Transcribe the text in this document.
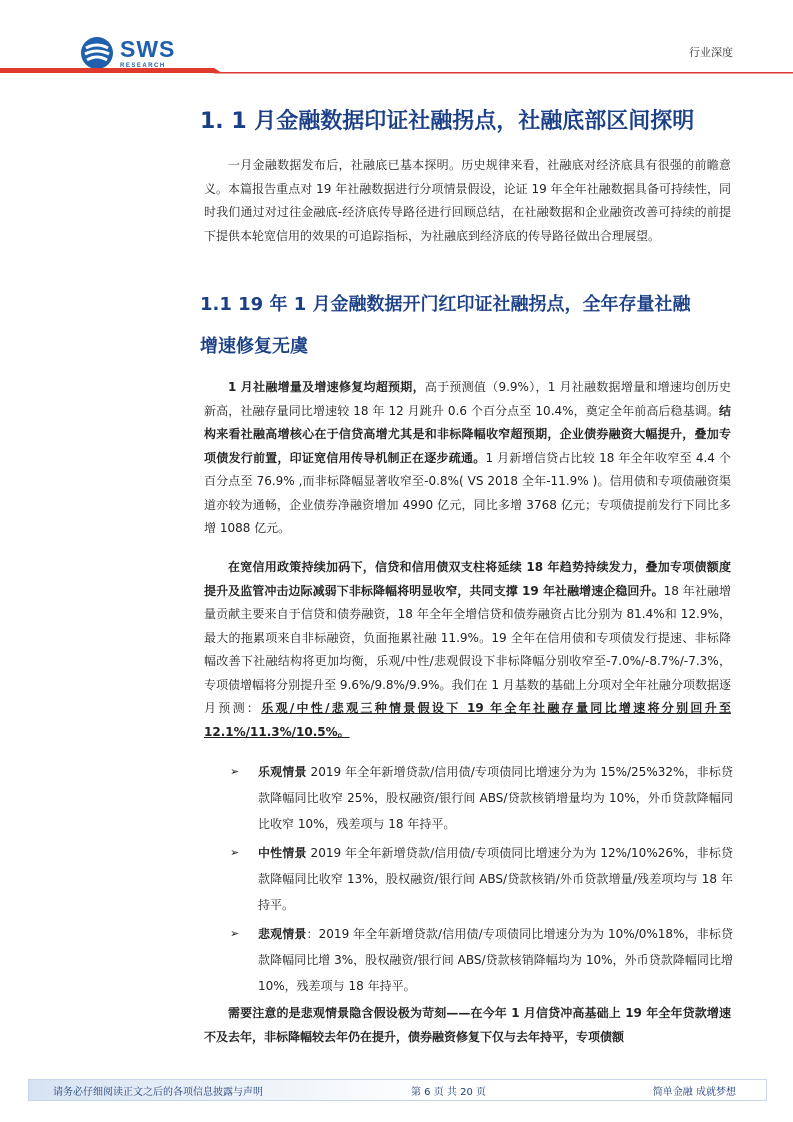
SWS
RESEARCH
行业深度
1. 1 月金融数据印证社融拐点，社融底部区间探明

一月金融数据发布后，社融底已基本探明。历史规律来看，社融底对经济底具有很强的前瞻意义。本篇报告重点对 19 年社融数据进行分项情景假设，论证 19 年全年社融数据具备可持续性，同时我们通过对过往金融底-经济底传导路径进行回顾总结，在社融数据和企业融资改善可持续的前提下提供本轮宽信用的效果的可追踪指标，为社融底到经济底的传导路径做出合理展望。

1.1 19 年 1 月金融数据开门红印证社融拐点，全年存量社融
增速修复无虞

1 月社融增量及增速修复均超预期，高于预测值（9.9%），1 月社融数据增量和增速均创历史新高，社融存量同比增速较 18 年 12 月跳升 0.6 个百分点至 10.4%，奠定全年前高后稳基调。结构来看社融高增核心在于信贷高增尤其是和非标降幅收窄超预期，企业债券融资大幅提升，叠加专项债发行前置，印证宽信用传导机制正在逐步疏通。1 月新增信贷占比较 18 年全年收窄至 4.4 个百分点至 76.9% ,而非标降幅显著收窄至-0.8%( VS 2018 全年-11.9% )。信用债和专项债融资渠道亦较为通畅，企业债券净融资增加 4990 亿元，同比多增 3768 亿元；专项债提前发行下同比多增 1088 亿元。

在宽信用政策持续加码下，信贷和信用债双支柱将延续 18 年趋势持续发力，叠加专项债额度提升及监管冲击边际减弱下非标降幅将明显收窄，共同支撑 19 年社融增速企稳回升。18 年社融增量贡献主要来自于信贷和债券融资，18 年全年全增信贷和债券融资占比分别为 81.4%和 12.9%，最大的拖累项来自非标融资，负面拖累社融 11.9%。19 全年在信用债和专项债发行提速、非标降幅改善下社融结构将更加均衡，乐观/中性/悲观假设下非标降幅分别收窄至-7.0%/-8.7%/-7.3%，专项债增幅将分别提升至 9.6%/9.8%/9.9%。我们在 1 月基数的基础上分项对全年社融分项数据逐月预测：乐观/中性/悲观三种情景假设下 19 年全年社融存量同比增速将分别回升至 12.1%/11.3%/10.5%。

➢ 乐观情景 2019 年全年新增贷款/信用债/专项债同比增速分为为 15%/25%32%，非标贷款降幅同比收窄 25%，股权融资/银行间 ABS/贷款核销增量均为 10%，外币贷款降幅同比收窄 10%，残差项与 18 年持平。
➢ 中性情景 2019 年全年新增贷款/信用债/专项债同比增速分为为 12%/10%26%，非标贷款降幅同比收窄 13%，股权融资/银行间 ABS/贷款核销/外币贷款增量/残差项均与 18 年持平。
➢ 悲观情景：2019 年全年新增贷款/信用债/专项债同比增速分为为 10%/0%18%，非标贷款降幅同比增 3%，股权融资/银行间 ABS/贷款核销降幅均为 10%，外币贷款降幅同比增 10%，残差项与 18 年持平。

需要注意的是悲观情景隐含假设极为苛刻——在今年 1 月信贷冲高基础上 19 年全年贷款增速不及去年，非标降幅较去年仍在提升，债券融资修复下仅与去年持平，专项债额

请务必仔细阅读正文之后的各项信息披露与声明	第 6 页 共 20 页	简单金融 成就梦想
